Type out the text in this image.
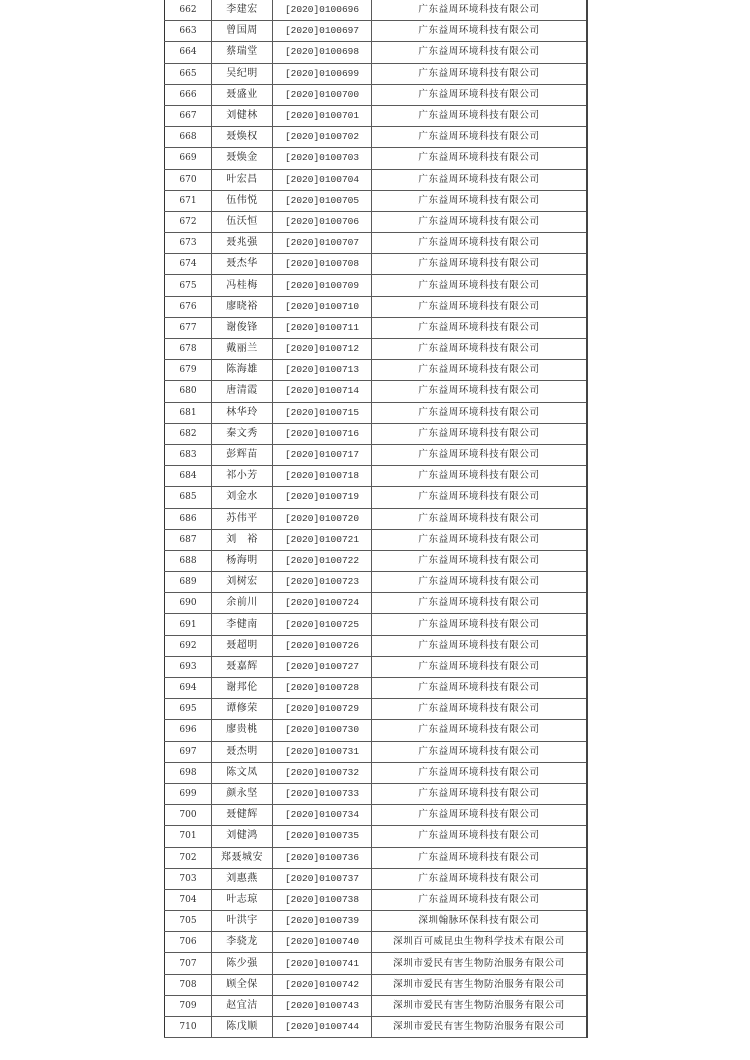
662	李建宏	[2020]0100696	广东益周环境科技有限公司
663	曾国周	[2020]0100697	广东益周环境科技有限公司
664	蔡瑞堂	[2020]0100698	广东益周环境科技有限公司
665	吴纪明	[2020]0100699	广东益周环境科技有限公司
666	聂盛业	[2020]0100700	广东益周环境科技有限公司
667	刘健林	[2020]0100701	广东益周环境科技有限公司
668	聂焕权	[2020]0100702	广东益周环境科技有限公司
669	聂焕金	[2020]0100703	广东益周环境科技有限公司
670	叶宏昌	[2020]0100704	广东益周环境科技有限公司
671	伍伟悦	[2020]0100705	广东益周环境科技有限公司
672	伍沃恒	[2020]0100706	广东益周环境科技有限公司
673	聂兆强	[2020]0100707	广东益周环境科技有限公司
674	聂杰华	[2020]0100708	广东益周环境科技有限公司
675	冯桂梅	[2020]0100709	广东益周环境科技有限公司
676	廖晓裕	[2020]0100710	广东益周环境科技有限公司
677	谢俊锋	[2020]0100711	广东益周环境科技有限公司
678	戴丽兰	[2020]0100712	广东益周环境科技有限公司
679	陈海雄	[2020]0100713	广东益周环境科技有限公司
680	唐清霞	[2020]0100714	广东益周环境科技有限公司
681	林华玲	[2020]0100715	广东益周环境科技有限公司
682	秦文秀	[2020]0100716	广东益周环境科技有限公司
683	彭辉苗	[2020]0100717	广东益周环境科技有限公司
684	祁小芳	[2020]0100718	广东益周环境科技有限公司
685	刘金水	[2020]0100719	广东益周环境科技有限公司
686	苏伟平	[2020]0100720	广东益周环境科技有限公司
687	刘　裕	[2020]0100721	广东益周环境科技有限公司
688	杨海明	[2020]0100722	广东益周环境科技有限公司
689	刘树宏	[2020]0100723	广东益周环境科技有限公司
690	余前川	[2020]0100724	广东益周环境科技有限公司
691	李健南	[2020]0100725	广东益周环境科技有限公司
692	聂超明	[2020]0100726	广东益周环境科技有限公司
693	聂嘉辉	[2020]0100727	广东益周环境科技有限公司
694	谢邦伦	[2020]0100728	广东益周环境科技有限公司
695	谭修荣	[2020]0100729	广东益周环境科技有限公司
696	廖贵桃	[2020]0100730	广东益周环境科技有限公司
697	聂杰明	[2020]0100731	广东益周环境科技有限公司
698	陈文凤	[2020]0100732	广东益周环境科技有限公司
699	颜永坚	[2020]0100733	广东益周环境科技有限公司
700	聂健辉	[2020]0100734	广东益周环境科技有限公司
701	刘健鸿	[2020]0100735	广东益周环境科技有限公司
702	郑聂城安	[2020]0100736	广东益周环境科技有限公司
703	刘惠燕	[2020]0100737	广东益周环境科技有限公司
704	叶志琼	[2020]0100738	广东益周环境科技有限公司
705	叶洪宇	[2020]0100739	深圳翰脉环保科技有限公司
706	李骁龙	[2020]0100740	深圳百可威昆虫生物科学技术有限公司
707	陈少强	[2020]0100741	深圳市爱民有害生物防治服务有限公司
708	顾全保	[2020]0100742	深圳市爱民有害生物防治服务有限公司
709	赵宜洁	[2020]0100743	深圳市爱民有害生物防治服务有限公司
710	陈戊顺	[2020]0100744	深圳市爱民有害生物防治服务有限公司
